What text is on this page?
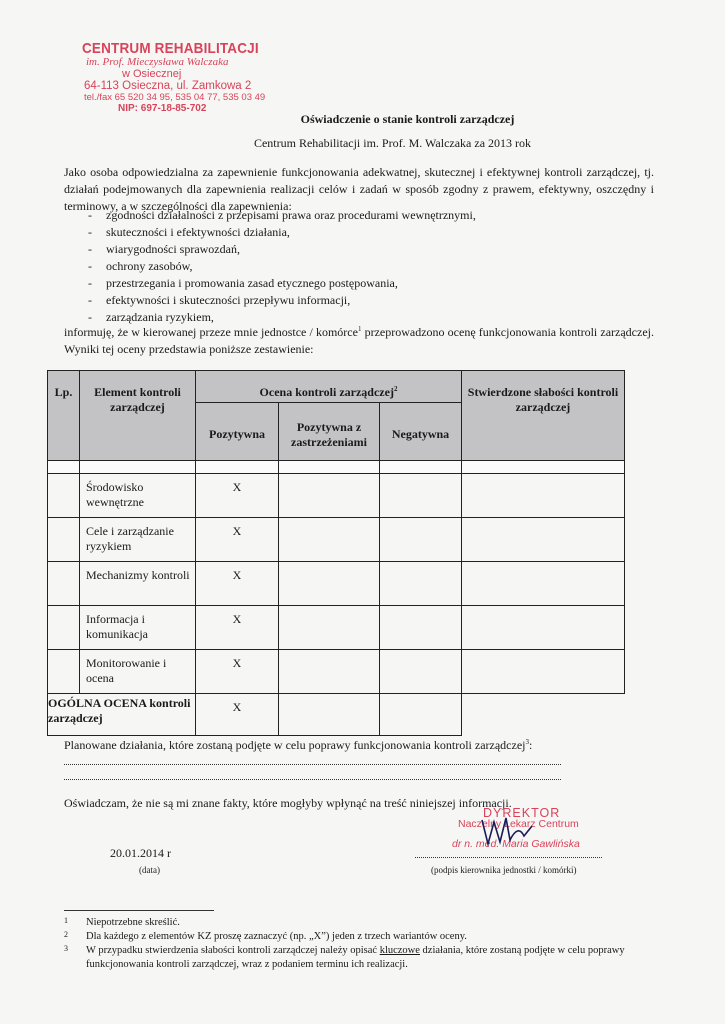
CENTRUM REHABILITACJI
im. Prof. Mieczysława Walczaka
w Osiecznej
64-113 Osieczna, ul. Zamkowa 2
tel./fax 65 520 34 95, 535 04 77, 535 03 49
NIP: 697-18-85-702
Oświadczenie o stanie kontroli zarządczej
Centrum Rehabilitacji im. Prof. M. Walczaka za 2013 rok
Jako osoba odpowiedzialna za zapewnienie funkcjonowania adekwatnej, skutecznej i efektywnej kontroli zarządczej, tj. działań podejmowanych dla zapewnienia realizacji celów i zadań w sposób zgodny z prawem, efektywny, oszczędny i terminowy, a w szczególności dla zapewnienia:
- zgodności działalności z przepisami prawa oraz procedurami wewnętrznymi,
- skuteczności i efektywności działania,
- wiarygodności sprawozdań,
- ochrony zasobów,
- przestrzegania i promowania zasad etycznego postępowania,
- efektywności i skuteczności przepływu informacji,
- zarządzania ryzykiem,
informuję, że w kierowanej przeze mnie jednostce / komórce$^1$ przeprowadzono ocenę funkcjonowania kontroli zarządczej. Wyniki tej oceny przedstawia poniższe zestawienie:
Lp.	Element kontroli zarządczej	Ocena kontroli zarządczej$^2$			Stwierdzone słabości kontroli zarządczej
		Pozytywna	Pozytywna z zastrzeżeniami	Negatywna	

	Środowisko wewnętrzne	X			

	Cele i zarządzanie ryzykiem	X			

	Mechanizmy kontroli	X			

	Informacja i komunikacja	X			

	Monitorowanie i ocena	X			
OGÓLNA OCENA kontroli zarządczej		X			
Planowane działania, które zostaną podjęte w celu poprawy funkcjonowania kontroli zarządczej$^3$:
Oświadczam, że nie są mi znane fakty, które mogłyby wpłynąć na treść niniejszej informacji.
20.01.2014 r
(data)
DYREKTOR
Naczelny Lekarz Centrum
dr n. med. Maria Gawlińska
(podpis kierownika jednostki / komórki)
1 Niepotrzebne skreślić.
2 Dla każdego z elementów KZ proszę zaznaczyć (np. „X”) jeden z trzech wariantów oceny.
3 W przypadku stwierdzenia słabości kontroli zarządczej należy opisać kluczowe działania, które zostaną podjęte w celu poprawy funkcjonowania kontroli zarządczej, wraz z podaniem terminu ich realizacji.
